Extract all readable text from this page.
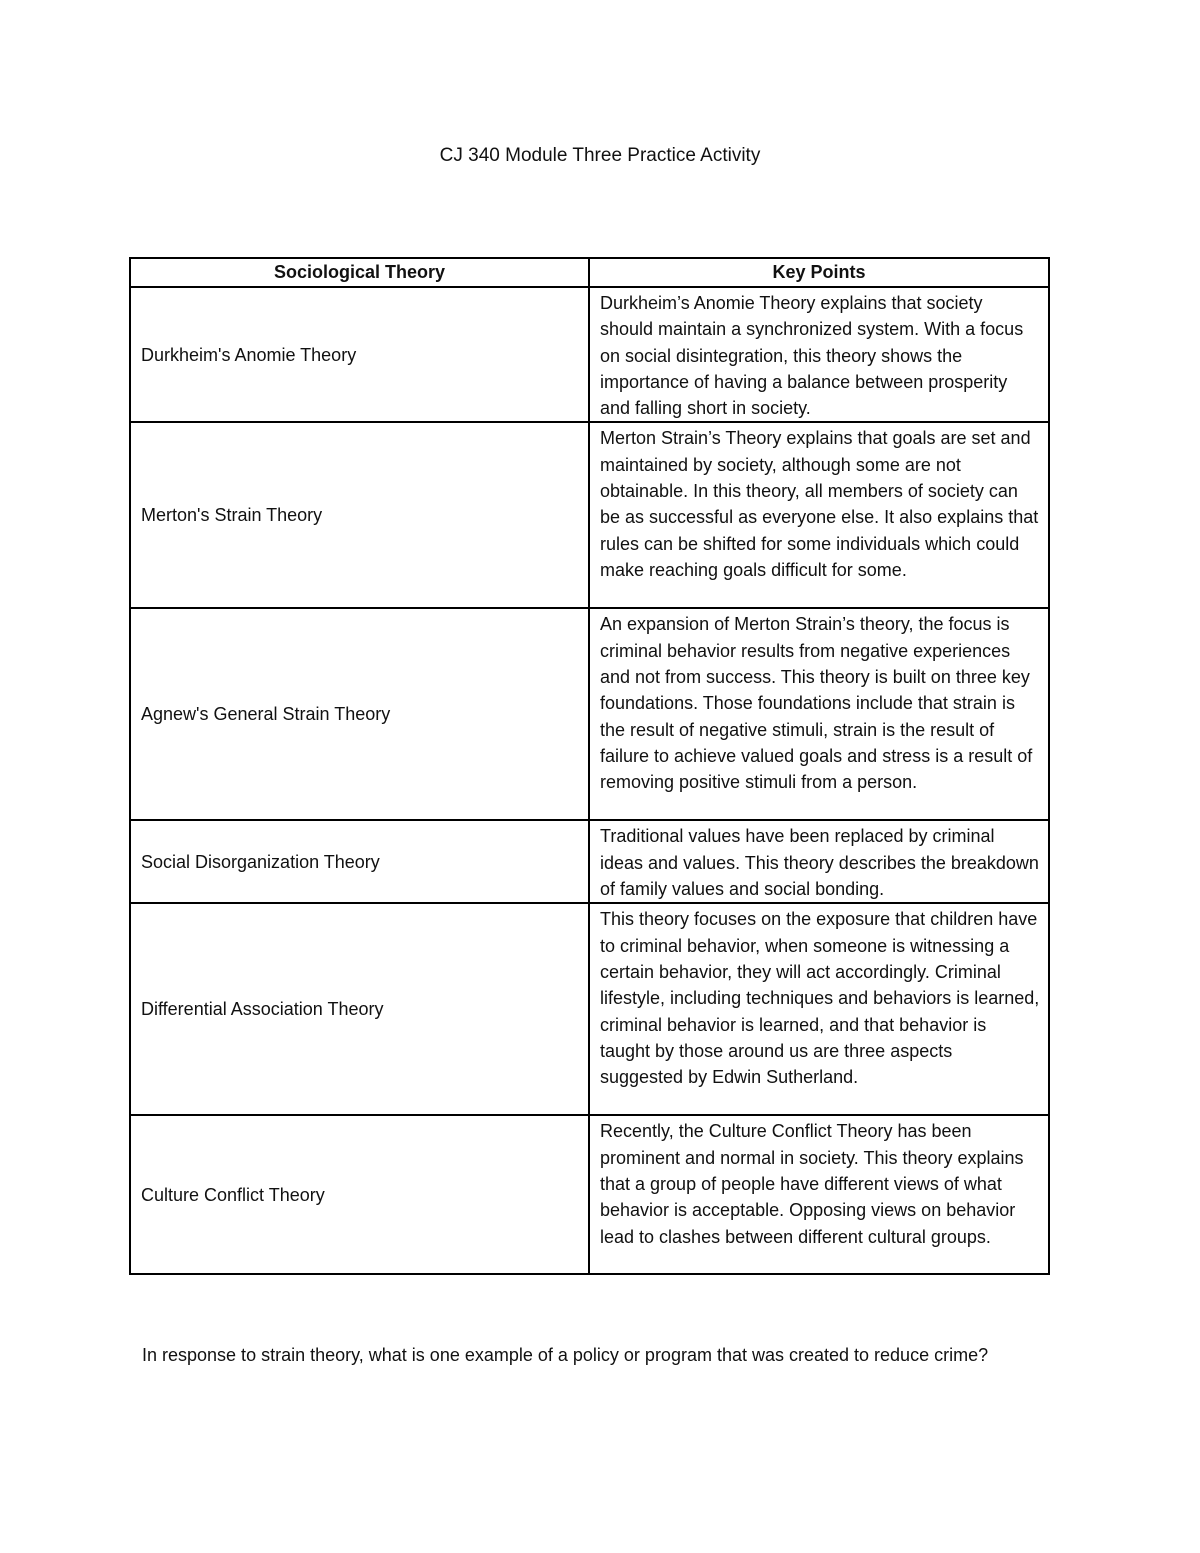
CJ 340 Module Three Practice Activity
Sociological Theory	Key Points
Durkheim's Anomie Theory	Durkheim’s Anomie Theory explains that society should maintain a synchronized system. With a focus on social disintegration, this theory shows the importance of having a balance between prosperity and falling short in society.
Merton's Strain Theory	Merton Strain’s Theory explains that goals are set and maintained by society, although some are not obtainable. In this theory, all members of society can be as successful as everyone else. It also explains that rules can be shifted for some individuals which could make reaching goals difficult for some.
Agnew's General Strain Theory	An expansion of Merton Strain’s theory, the focus is criminal behavior results from negative experiences and not from success. This theory is built on three key foundations. Those foundations include that strain is the result of negative stimuli, strain is the result of failure to achieve valued goals and stress is a result of removing positive stimuli from a person.
Social Disorganization Theory	Traditional values have been replaced by criminal ideas and values. This theory describes the breakdown of family values and social bonding.
Differential Association Theory	This theory focuses on the exposure that children have to criminal behavior, when someone is witnessing a certain behavior, they will act accordingly. Criminal lifestyle, including techniques and behaviors is learned, criminal behavior is learned, and that behavior is taught by those around us are three aspects suggested by Edwin Sutherland.
Culture Conflict Theory	Recently, the Culture Conflict Theory has been prominent and normal in society. This theory explains that a group of people have different views of what behavior is acceptable. Opposing views on behavior lead to clashes between different cultural groups.
In response to strain theory, what is one example of a policy or program that was created to reduce crime?
